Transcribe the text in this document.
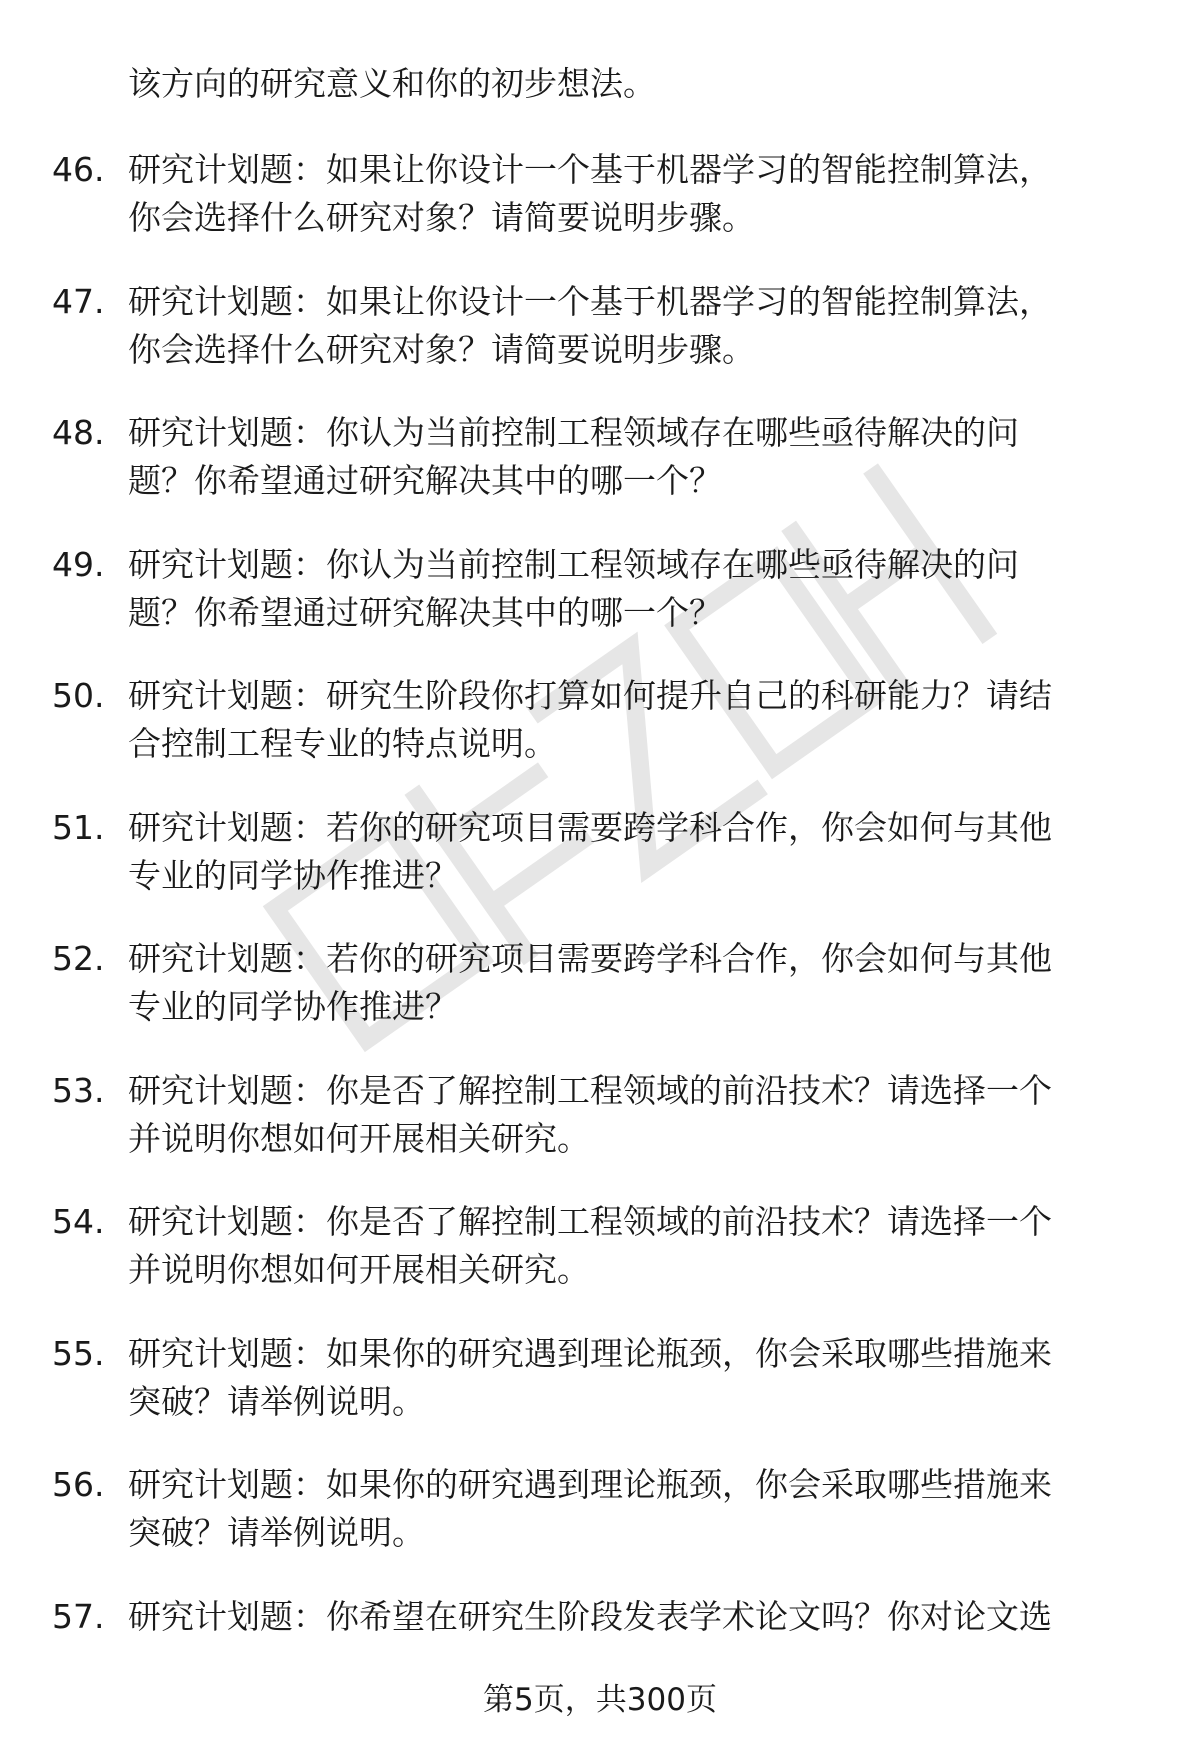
该方向的研究意义和你的初步想法。
46. 研究计划题：如果让你设计一个基于机器学习的智能控制算法，
你会选择什么研究对象？请简要说明步骤。
47. 研究计划题：如果让你设计一个基于机器学习的智能控制算法，
你会选择什么研究对象？请简要说明步骤。
48. 研究计划题：你认为当前控制工程领域存在哪些亟待解决的问
题？你希望通过研究解决其中的哪一个？
49. 研究计划题：你认为当前控制工程领域存在哪些亟待解决的问
题？你希望通过研究解决其中的哪一个？
50. 研究计划题：研究生阶段你打算如何提升自己的科研能力？请结
合控制工程专业的特点说明。
51. 研究计划题：若你的研究项目需要跨学科合作，你会如何与其他
专业的同学协作推进？
52. 研究计划题：若你的研究项目需要跨学科合作，你会如何与其他
专业的同学协作推进？
53. 研究计划题：你是否了解控制工程领域的前沿技术？请选择一个
并说明你想如何开展相关研究。
54. 研究计划题：你是否了解控制工程领域的前沿技术？请选择一个
并说明你想如何开展相关研究。
55. 研究计划题：如果你的研究遇到理论瓶颈，你会采取哪些措施来
突破？请举例说明。
56. 研究计划题：如果你的研究遇到理论瓶颈，你会采取哪些措施来
突破？请举例说明。
57. 研究计划题：你希望在研究生阶段发表学术论文吗？你对论文选
第5页，共300页
